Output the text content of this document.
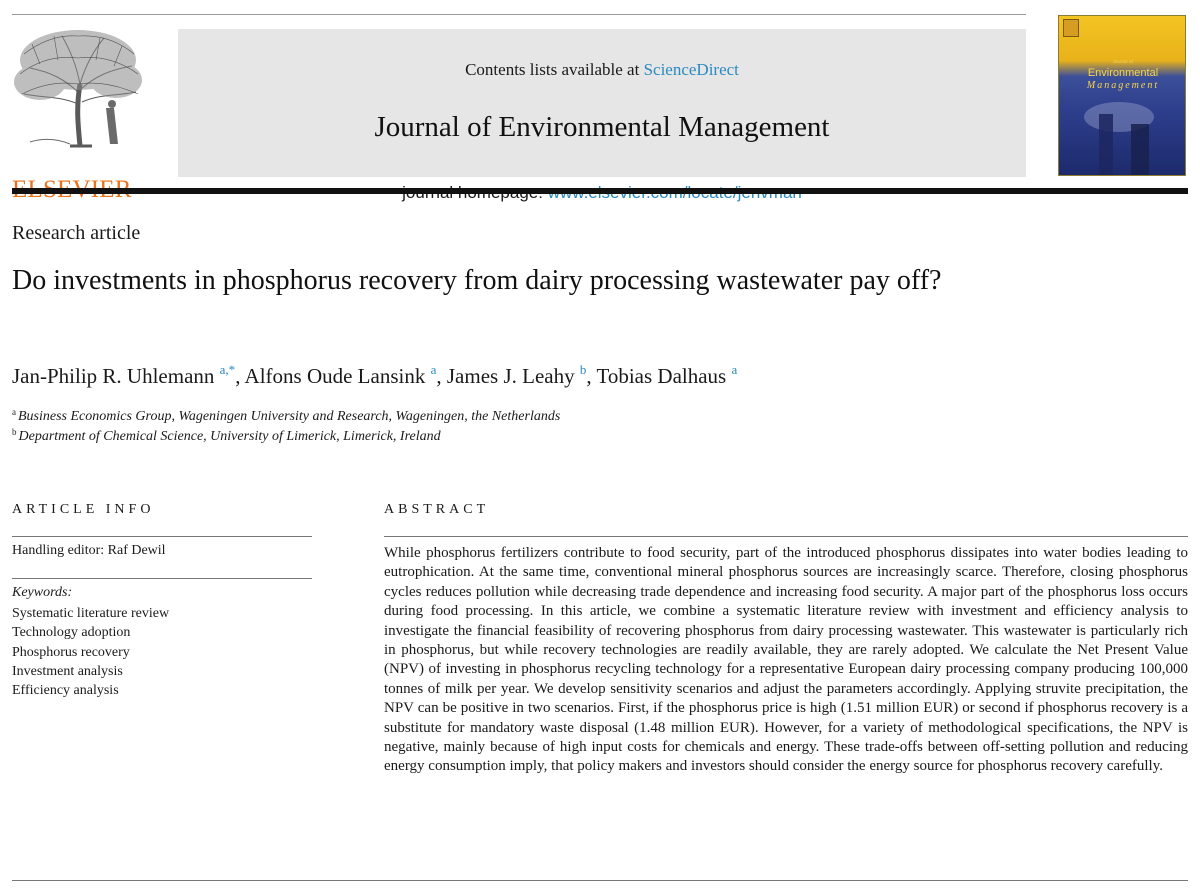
Contents lists available at ScienceDirect
Journal of Environmental Management
Journal of
Environmental
Management
Research article
Do investments in phosphorus recovery from dairy processing wastewater pay off?
Jan-Philip R. Uhlemann $^{a,*}$, Alfons Oude Lansink $^a$, James J. Leahy $^b$, Tobias Dalhaus $^a$
$^a$ Business Economics Group, Wageningen University and Research, Wageningen, the Netherlands
$^b$ Department of Chemical Science, University of Limerick, Limerick, Ireland
ARTICLE INFO
Handling editor: Raf Dewil
Keywords:
Systematic literature review
Technology adoption
Phosphorus recovery
Investment analysis
Efficiency analysis
ABSTRACT

While phosphorus fertilizers contribute to food security, part of the introduced phosphorus dissipates into water bodies leading to eutrophication. At the same time, conventional mineral phosphorus sources are increasingly scarce. Therefore, closing phosphorus cycles reduces pollution while decreasing trade dependence and increasing food security. A major part of the phosphorus loss occurs during food processing. In this article, we combine a systematic literature review with investment and efficiency analysis to investigate the financial feasibility of recovering phosphorus from dairy processing wastewater. This wastewater is particularly rich in phosphorus, but while recovery technologies are readily available, they are rarely adopted. We calculate the Net Present Value (NPV) of investing in phosphorus recycling technology for a representative European dairy processing company producing 100,000 tonnes of milk per year. We develop sensitivity scenarios and adjust the parameters accordingly. Applying struvite precipitation, the NPV can be positive in two scenarios. First, if the phosphorus price is high (1.51 million EUR) or second if phosphorus recovery is a substitute for mandatory waste disposal (1.48 million EUR). However, for a variety of methodological specifications, the NPV is negative, mainly because of high input costs for chemicals and energy. These trade-offs between off-setting pollution and reducing energy consumption imply, that policy makers and investors should consider the energy source for phosphorus recovery carefully.
